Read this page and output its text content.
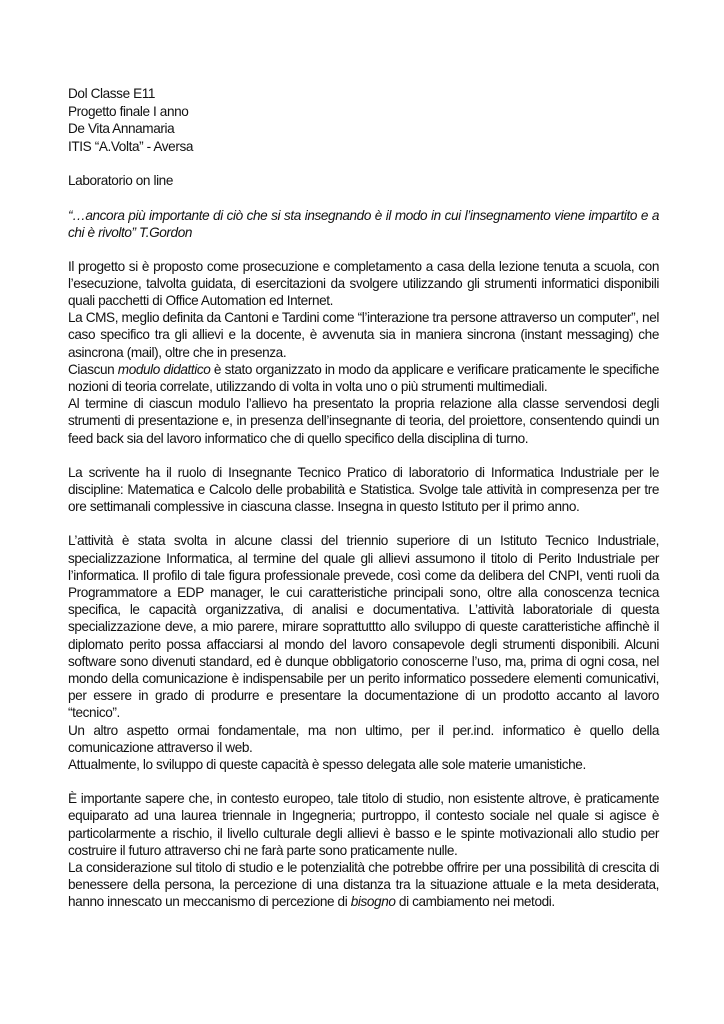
Dol Classe E11
Progetto finale I anno
De Vita Annamaria
ITIS “A.Volta” - Aversa
Laboratorio on line
“…ancora più importante di ciò che si sta insegnando è il modo in cui l’insegnamento viene impartito e a chi è rivolto” T.Gordon

Il progetto si è proposto come prosecuzione e completamento a casa della lezione tenuta a scuola, con l’esecuzione, talvolta guidata, di esercitazioni da svolgere utilizzando gli strumenti informatici disponibili quali pacchetti di Office Automation ed Internet.

La CMS, meglio definita da Cantoni e Tardini come “l’interazione tra persone attraverso un computer”, nel caso specifico tra gli allievi e la docente, è avvenuta sia in maniera sincrona (instant messaging) che asincrona (mail), oltre che in presenza.

Ciascun modulo didattico è stato organizzato in modo da applicare e verificare praticamente le specifiche nozioni di teoria correlate, utilizzando di volta in volta uno o più strumenti multimediali.

Al termine di ciascun modulo l’allievo ha presentato la propria relazione alla classe servendosi degli strumenti di presentazione e, in presenza dell’insegnante di teoria, del proiettore, consentendo quindi un feed back sia del lavoro informatico che di quello specifico della disciplina di turno.

La scrivente ha il ruolo di Insegnante Tecnico Pratico di laboratorio di Informatica Industriale per le discipline: Matematica e Calcolo delle probabilità e Statistica. Svolge tale attività in compresenza per tre ore settimanali complessive in ciascuna classe. Insegna in questo Istituto per il primo anno.

L’attività è stata svolta in alcune classi del triennio superiore di un Istituto Tecnico Industriale, specializzazione Informatica, al termine del quale gli allievi assumono il titolo di Perito Industriale per l’informatica. Il profilo di tale figura professionale prevede, così come da delibera del CNPI, venti ruoli da Programmatore a EDP manager, le cui caratteristiche principali sono, oltre alla conoscenza tecnica specifica, le capacità organizzativa, di analisi e documentativa. L’attività laboratoriale di questa specializzazione deve, a mio parere, mirare soprattuttto allo sviluppo di queste caratteristiche affinchè il diplomato perito possa affacciarsi al mondo del lavoro consapevole degli strumenti disponibili. Alcuni software sono divenuti standard, ed è dunque obbligatorio conoscerne l’uso, ma, prima di ogni cosa, nel mondo della comunicazione è indispensabile per un perito informatico possedere elementi comunicativi, per essere in grado di produrre e presentare la documentazione di un prodotto accanto al lavoro “tecnico”.

Un altro aspetto ormai fondamentale, ma non ultimo, per il per.ind. informatico è quello della comunicazione attraverso il web.

Attualmente, lo sviluppo di queste capacità è spesso delegata alle sole materie umanistiche.

È importante sapere che, in contesto europeo, tale titolo di studio, non esistente altrove, è praticamente equiparato ad una laurea triennale in Ingegneria; purtroppo, il contesto sociale nel quale si agisce è particolarmente a rischio, il livello culturale degli allievi è basso e le spinte motivazionali allo studio per costruire il futuro attraverso chi ne farà parte sono praticamente nulle.

La considerazione sul titolo di studio e le potenzialità che potrebbe offrire per una possibilità di crescita di benessere della persona, la percezione di una distanza tra la situazione attuale e la meta desiderata, hanno innescato un meccanismo di percezione di bisogno di cambiamento nei metodi.
